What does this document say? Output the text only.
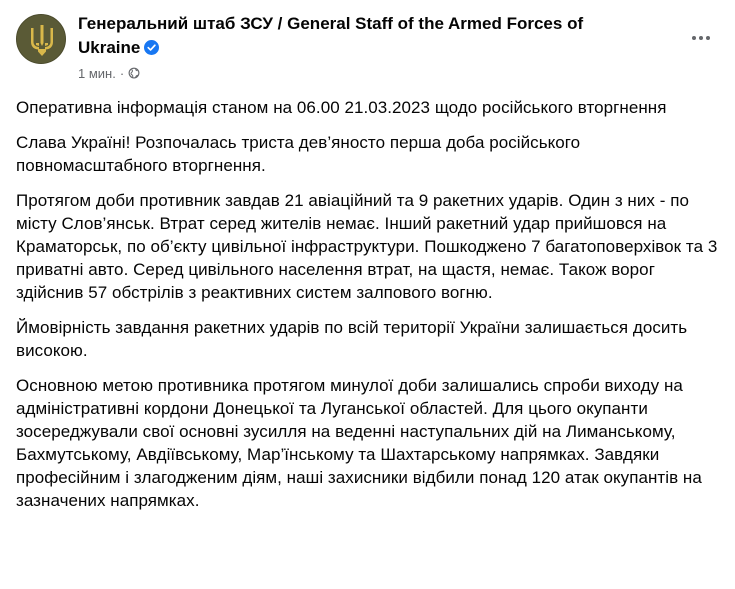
Генеральний штаб ЗСУ / General Staff of the Armed Forces of Ukraine
1 мин. ·

Оперативна інформація станом на 06.00 21.03.2023 щодо російського вторгнення

Слава Україні! Розпочалась триста дев’яносто перша доба російського повномасштабного вторгнення.

Протягом доби противник завдав 21 авіаційний та 9 ракетних ударів. Один з них - по місту Слов’янськ. Втрат серед жителів немає. Інший ракетний удар прийшовся на Краматорськ, по об’єкту цивільної інфраструктури. Пошкоджено 7 багатоповерхівок та 3 приватні авто. Серед цивільного населення втрат, на щастя, немає. Також ворог здійснив 57 обстрілів з реактивних систем залпового вогню.

Ймовірність завдання ракетних ударів по всій території України залишається досить високою.

Основною метою противника протягом минулої доби залишались спроби виходу на адміністративні кордони Донецької та Луганської областей. Для цього окупанти зосереджували свої основні зусилля на веденні наступальних дій на Лиманському, Бахмутському, Авдіївському, Мар’їнському та Шахтарському напрямках. Завдяки професійним і злагодженим діям, наші захисники відбили понад 120 атак окупантів на зазначених напрямках.
